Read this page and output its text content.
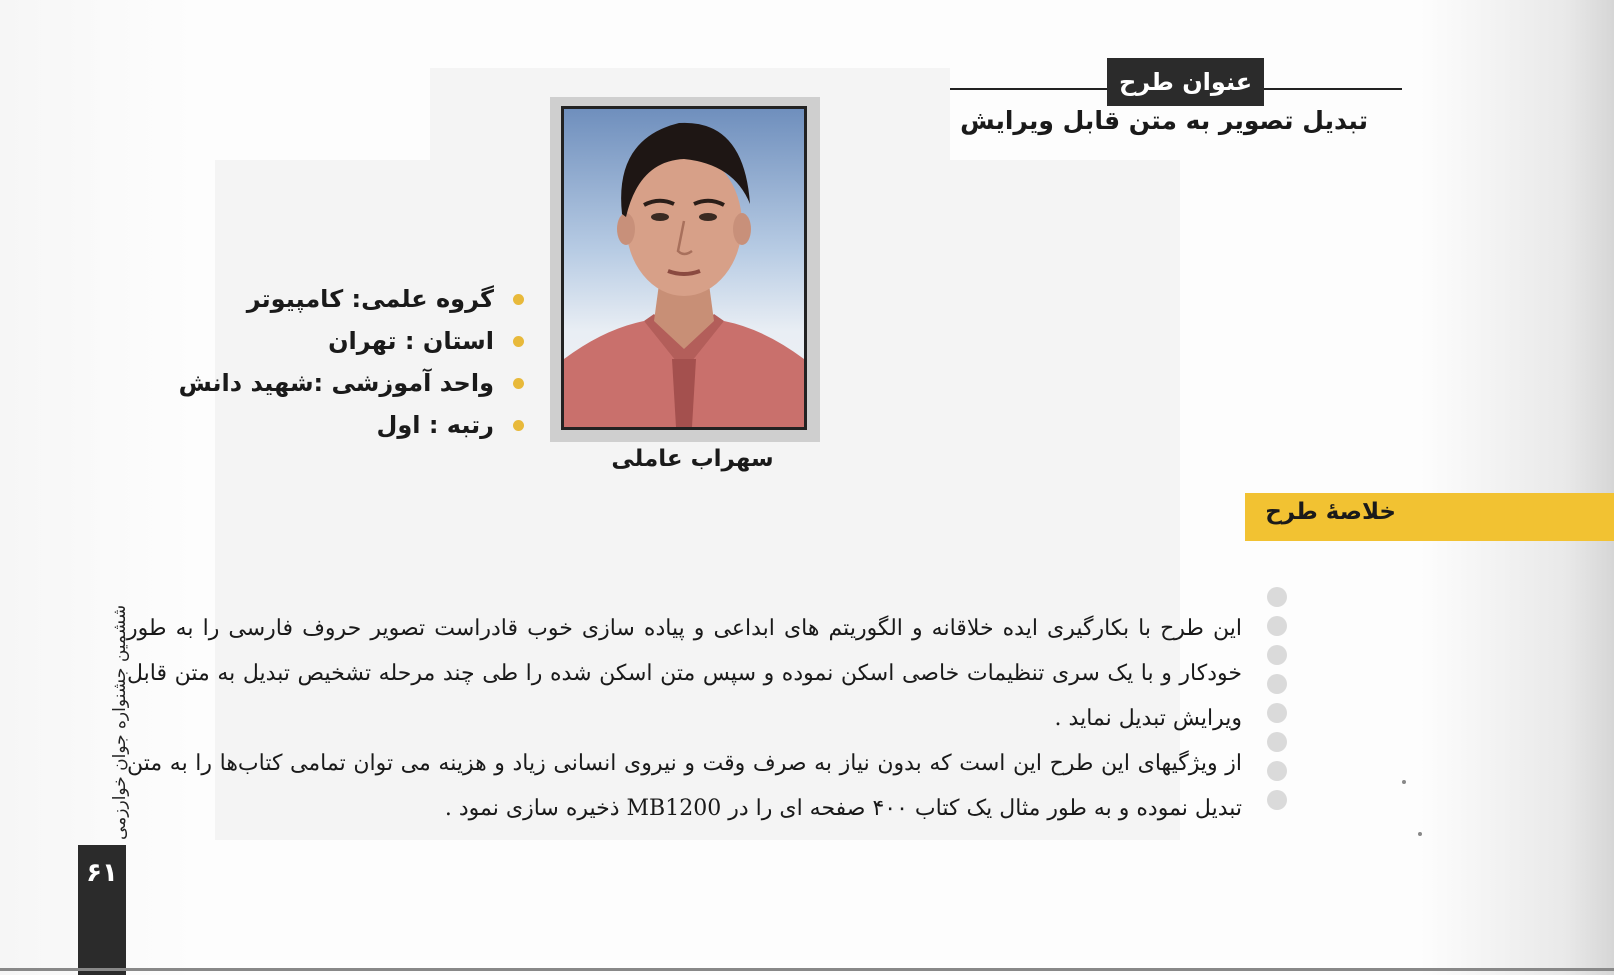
عنوان طرح
تبدیل تصویر به متن قابل ویرایش
سهراب عاملی
گروه علمی: کامپیوتر
استان : تهران
واحد آموزشی :شهید دانش
رتبه : اول
خلاصهٔ طرح

این طرح با بکارگیری ایده خلاقانه و الگوریتم های ابداعی و پیاده سازی خوب قادراست تصویر حروف فارسی را به طور خودکار و با یک سری تنظیمات خاصی اسکن نموده و سپس متن اسکن شده را طی چند مرحله تشخیص تبدیل به متن قابل ویرایش تبدیل نماید .

از ویژگیهای این طرح این است که بدون نیاز به صرف وقت و نیروی انسانی زیاد و هزینه می توان تمامی کتاب‌ها را به متن تبدیل نموده و به طور مثال یک کتاب ۴۰۰ صفحه ای را در MB1200 ذخیره سازی نمود .

ششمین جشنواره جوان خوارزمی
۶۱
